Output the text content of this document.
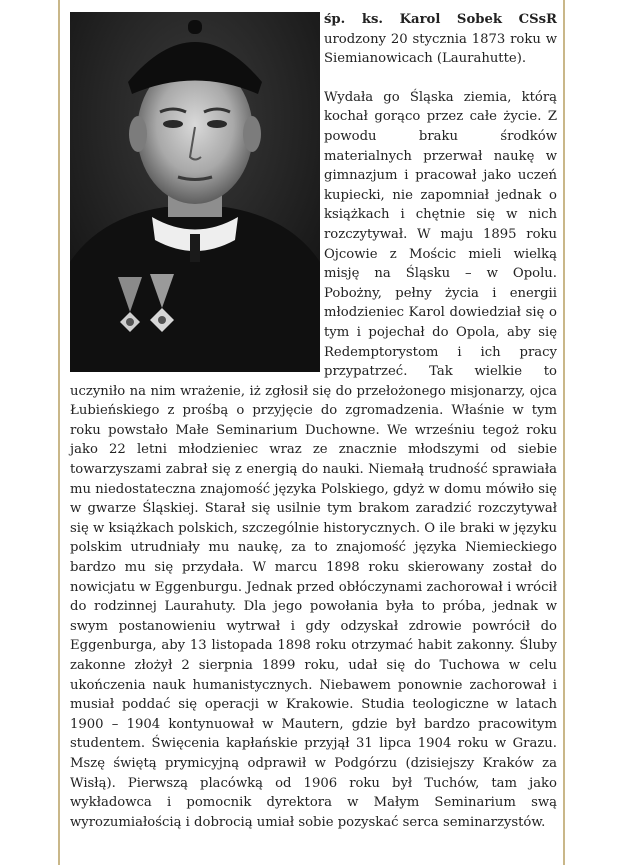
śp. ks. Karol Sobek CSsR urodzony 20 stycznia 1873 roku w Siemianowicach (Laurahutte).

Wydała go Śląska ziemia, którą kochał gorąco przez całe życie. Z powodu braku środków materialnych przerwał naukę w gimnazjum i pracował jako uczeń kupiecki, nie zapomniał jednak o książkach i chętnie się w nich rozczytywał. W maju 1895 roku Ojcowie z Mościc mieli wielką misję na Śląsku – w Opolu. Pobożny, pełny życia i energii młodzieniec Karol dowiedział się o tym i pojechał do Opola, aby się Redemptorystom i ich pracy przypatrzeć. Tak wielkie to uczyniło na nim wrażenie, iż zgłosił się do przełożonego misjonarzy, ojca Łubieńskiego z prośbą o przyjęcie do zgromadzenia. Właśnie w tym roku powstało Małe Seminarium Duchowne. We wrześniu tegoż roku jako 22 letni młodzieniec wraz ze znacznie młodszymi od siebie towarzyszami zabrał się z energią do nauki. Niemałą trudność sprawiała mu niedostateczna znajomość języka Polskiego, gdyż w domu mówiło się w gwarze Śląskiej. Starał się usilnie tym brakom zaradzić rozczytywał się w książkach polskich, szczególnie historycznych. O ile braki w języku polskim utrudniały mu naukę, za to znajomość języka Niemieckiego bardzo mu się przydała. W marcu 1898 roku skierowany został do nowicjatu w Eggenburgu. Jednak przed obłóczynami zachorował i wrócił do rodzinnej Laurahuty. Dla jego powołania była to próba, jednak w swym postanowieniu wytrwał i gdy odzyskał zdrowie powrócił do Eggenburga, aby 13 listopada 1898 roku otrzymać habit zakonny. Śluby zakonne złożył 2 sierpnia 1899 roku, udał się do Tuchowa w celu ukończenia nauk humanistycznych. Niebawem ponownie zachorował i musiał poddać się operacji w Krakowie. Studia teologiczne w latach 1900 – 1904 kontynuował w Mautern, gdzie był bardzo pracowitym studentem. Święcenia kapłańskie przyjął 31 lipca 1904 roku w Grazu. Mszę świętą prymicyjną odprawił w Podgórzu (dzisiejszy Kraków za Wisłą). Pierwszą placówką od 1906 roku był Tuchów, tam jako wykładowca i pomocnik dyrektora w Małym Seminarium swą wyrozumiałością i dobrocią umiał sobie pozyskać serca seminarzystów.
